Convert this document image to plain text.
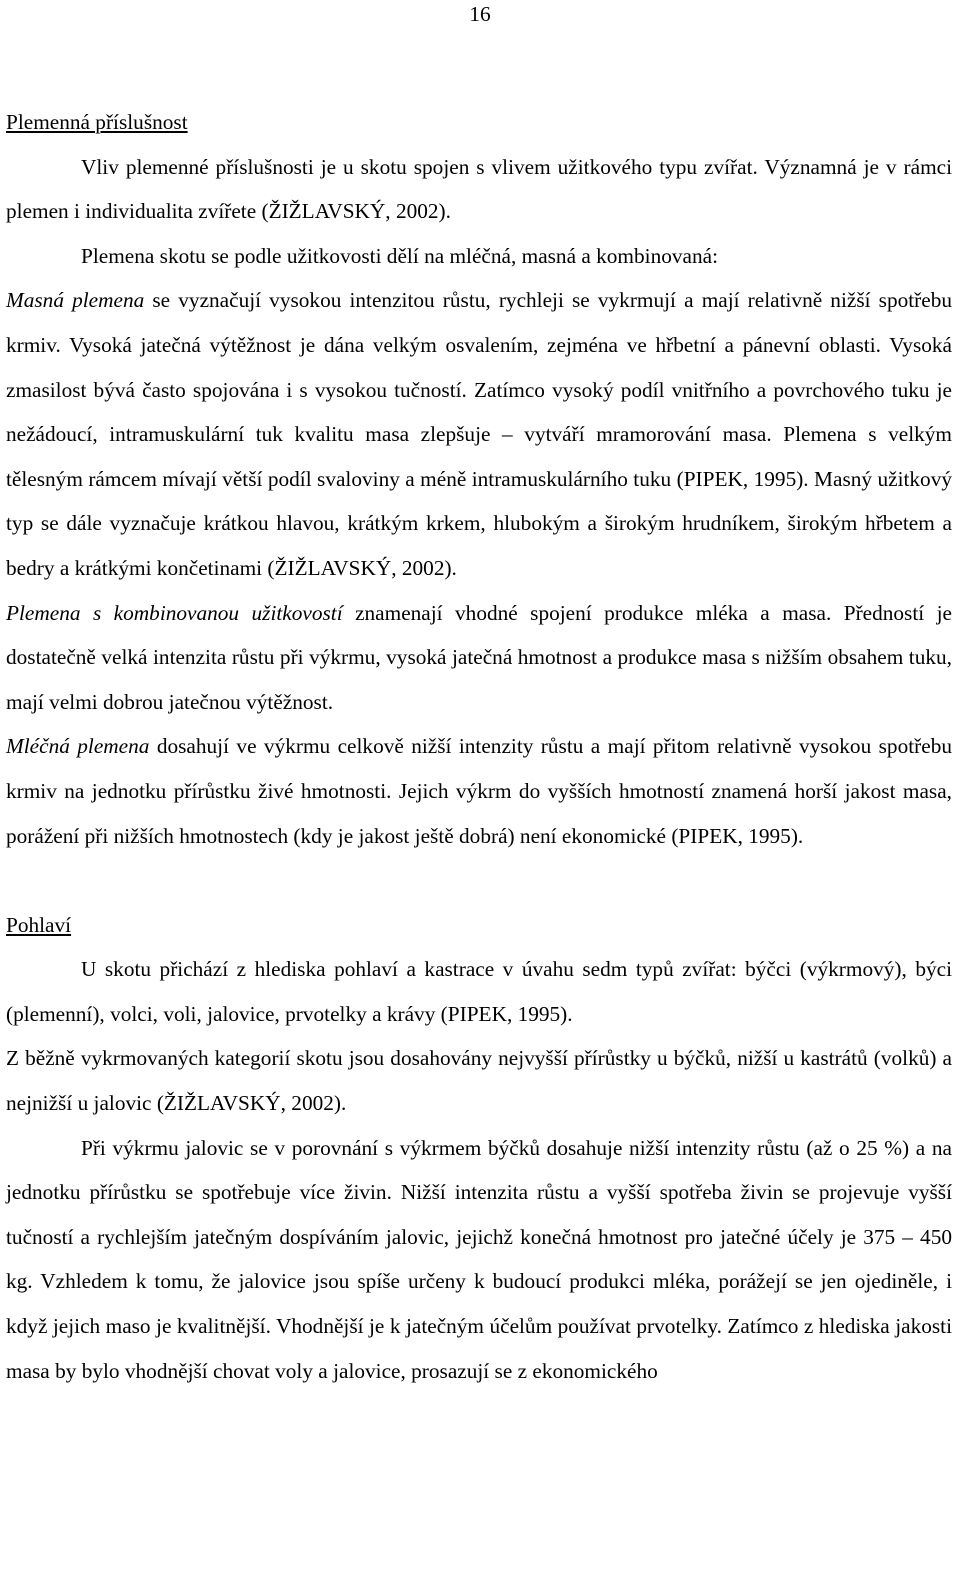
16
Plemenná příslušnost

Vliv plemenné příslušnosti je u skotu spojen s vlivem užitkového typu zvířat. Významná je v rámci plemen i individualita zvířete (ŽIŽLAVSKÝ, 2002).

Plemena skotu se podle užitkovosti dělí na mléčná, masná a kombinovaná:

Masná plemena se vyznačují vysokou intenzitou růstu, rychleji se vykrmují a mají relativně nižší spotřebu krmiv. Vysoká jatečná výtěžnost je dána velkým osvalením, zejména ve hřbetní a pánevní oblasti. Vysoká zmasilost bývá často spojována i s vysokou tučností. Zatímco vysoký podíl vnitřního a povrchového tuku je nežádoucí, intramuskulární tuk kvalitu masa zlepšuje – vytváří mramorování masa. Plemena s velkým tělesným rámcem mívají větší podíl svaloviny a méně intramuskulárního tuku (PIPEK, 1995). Masný užitkový typ se dále vyznačuje krátkou hlavou, krátkým krkem, hlubokým a širokým hrudníkem, širokým hřbetem a bedry a krátkými končetinami (ŽIŽLAVSKÝ, 2002).

Plemena s kombinovanou užitkovostí znamenají vhodné spojení produkce mléka a masa. Předností je dostatečně velká intenzita růstu při výkrmu, vysoká jatečná hmotnost a produkce masa s nižším obsahem tuku, mají velmi dobrou jatečnou výtěžnost.

Mléčná plemena dosahují ve výkrmu celkově nižší intenzity růstu a mají přitom relativně vysokou spotřebu krmiv na jednotku přírůstku živé hmotnosti. Jejich výkrm do vyšších hmotností znamená horší jakost masa, porážení při nižších hmotnostech (kdy je jakost ještě dobrá) není ekonomické (PIPEK, 1995).

Pohlaví

U skotu přichází z hlediska pohlaví a kastrace v úvahu sedm typů zvířat: býčci (výkrmový), býci (plemenní), volci, voli, jalovice, prvotelky a krávy (PIPEK, 1995).

Z běžně vykrmovaných kategorií skotu jsou dosahovány nejvyšší přírůstky u býčků, nižší u kastrátů (volků) a nejnižší u jalovic (ŽIŽLAVSKÝ, 2002).

Při výkrmu jalovic se v porovnání s výkrmem býčků dosahuje nižší intenzity růstu (až o 25 %) a na jednotku přírůstku se spotřebuje více živin. Nižší intenzita růstu a vyšší spotřeba živin se projevuje vyšší tučností a rychlejším jatečným dospíváním jalovic, jejichž konečná hmotnost pro jatečné účely je 375 – 450 kg. Vzhledem k tomu, že jalovice jsou spíše určeny k budoucí produkci mléka, porážejí se jen ojediněle, i když jejich maso je kvalitnější. Vhodnější je k jatečným účelům používat prvotelky. Zatímco z hlediska jakosti masa by bylo vhodnější chovat voly a jalovice, prosazují se z ekonomického
